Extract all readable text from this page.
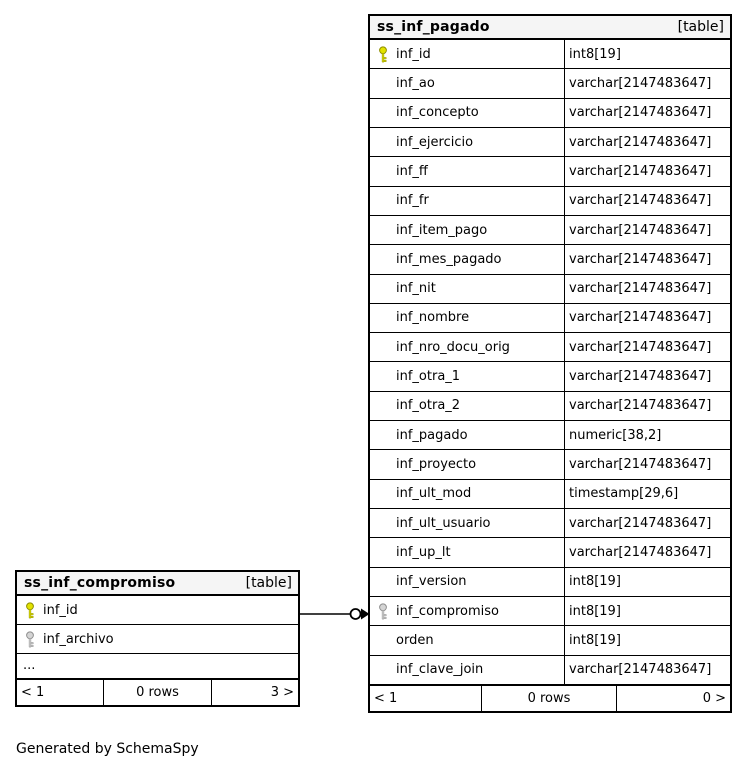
ss_inf_compromiso	[table]
inf_id
inf_archivo
...
< 1	0 rows	3 >
ss_inf_pagado	[table]
inf_id	int8[19]
inf_ao	varchar[2147483647]
inf_concepto	varchar[2147483647]
inf_ejercicio	varchar[2147483647]
inf_ff	varchar[2147483647]
inf_fr	varchar[2147483647]
inf_item_pago	varchar[2147483647]
inf_mes_pagado	varchar[2147483647]
inf_nit	varchar[2147483647]
inf_nombre	varchar[2147483647]
inf_nro_docu_orig	varchar[2147483647]
inf_otra_1	varchar[2147483647]
inf_otra_2	varchar[2147483647]
inf_pagado	numeric[38,2]
inf_proyecto	varchar[2147483647]
inf_ult_mod	timestamp[29,6]
inf_ult_usuario	varchar[2147483647]
inf_up_lt	varchar[2147483647]
inf_version	int8[19]
inf_compromiso	int8[19]
orden	int8[19]
inf_clave_join	varchar[2147483647]
< 1	0 rows	0 >
Generated by SchemaSpy
